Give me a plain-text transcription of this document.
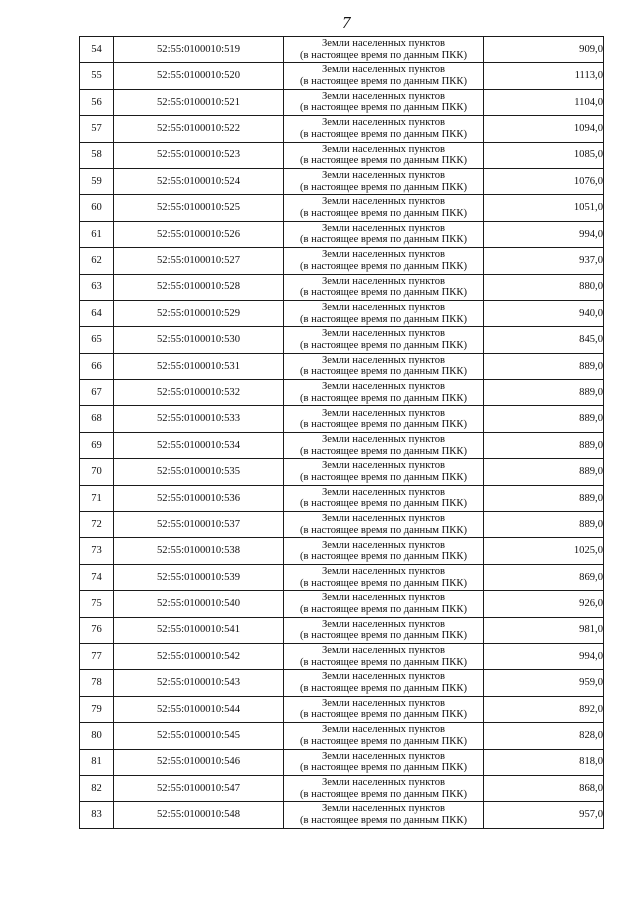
7
54	52:55:0100010:519	Земли населенных пунктов
(в настоящее время по данным ПКК)	909,0
55	52:55:0100010:520	Земли населенных пунктов
(в настоящее время по данным ПКК)	1113,0
56	52:55:0100010:521	Земли населенных пунктов
(в настоящее время по данным ПКК)	1104,0
57	52:55:0100010:522	Земли населенных пунктов
(в настоящее время по данным ПКК)	1094,0
58	52:55:0100010:523	Земли населенных пунктов
(в настоящее время по данным ПКК)	1085,0
59	52:55:0100010:524	Земли населенных пунктов
(в настоящее время по данным ПКК)	1076,0
60	52:55:0100010:525	Земли населенных пунктов
(в настоящее время по данным ПКК)	1051,0
61	52:55:0100010:526	Земли населенных пунктов
(в настоящее время по данным ПКК)	994,0
62	52:55:0100010:527	Земли населенных пунктов
(в настоящее время по данным ПКК)	937,0
63	52:55:0100010:528	Земли населенных пунктов
(в настоящее время по данным ПКК)	880,0
64	52:55:0100010:529	Земли населенных пунктов
(в настоящее время по данным ПКК)	940,0
65	52:55:0100010:530	Земли населенных пунктов
(в настоящее время по данным ПКК)	845,0
66	52:55:0100010:531	Земли населенных пунктов
(в настоящее время по данным ПКК)	889,0
67	52:55:0100010:532	Земли населенных пунктов
(в настоящее время по данным ПКК)	889,0
68	52:55:0100010:533	Земли населенных пунктов
(в настоящее время по данным ПКК)	889,0
69	52:55:0100010:534	Земли населенных пунктов
(в настоящее время по данным ПКК)	889,0
70	52:55:0100010:535	Земли населенных пунктов
(в настоящее время по данным ПКК)	889,0
71	52:55:0100010:536	Земли населенных пунктов
(в настоящее время по данным ПКК)	889,0
72	52:55:0100010:537	Земли населенных пунктов
(в настоящее время по данным ПКК)	889,0
73	52:55:0100010:538	Земли населенных пунктов
(в настоящее время по данным ПКК)	1025,0
74	52:55:0100010:539	Земли населенных пунктов
(в настоящее время по данным ПКК)	869,0
75	52:55:0100010:540	Земли населенных пунктов
(в настоящее время по данным ПКК)	926,0
76	52:55:0100010:541	Земли населенных пунктов
(в настоящее время по данным ПКК)	981,0
77	52:55:0100010:542	Земли населенных пунктов
(в настоящее время по данным ПКК)	994,0
78	52:55:0100010:543	Земли населенных пунктов
(в настоящее время по данным ПКК)	959,0
79	52:55:0100010:544	Земли населенных пунктов
(в настоящее время по данным ПКК)	892,0
80	52:55:0100010:545	Земли населенных пунктов
(в настоящее время по данным ПКК)	828,0
81	52:55:0100010:546	Земли населенных пунктов
(в настоящее время по данным ПКК)	818,0
82	52:55:0100010:547	Земли населенных пунктов
(в настоящее время по данным ПКК)	868,0
83	52:55:0100010:548	Земли населенных пунктов
(в настоящее время по данным ПКК)	957,0
